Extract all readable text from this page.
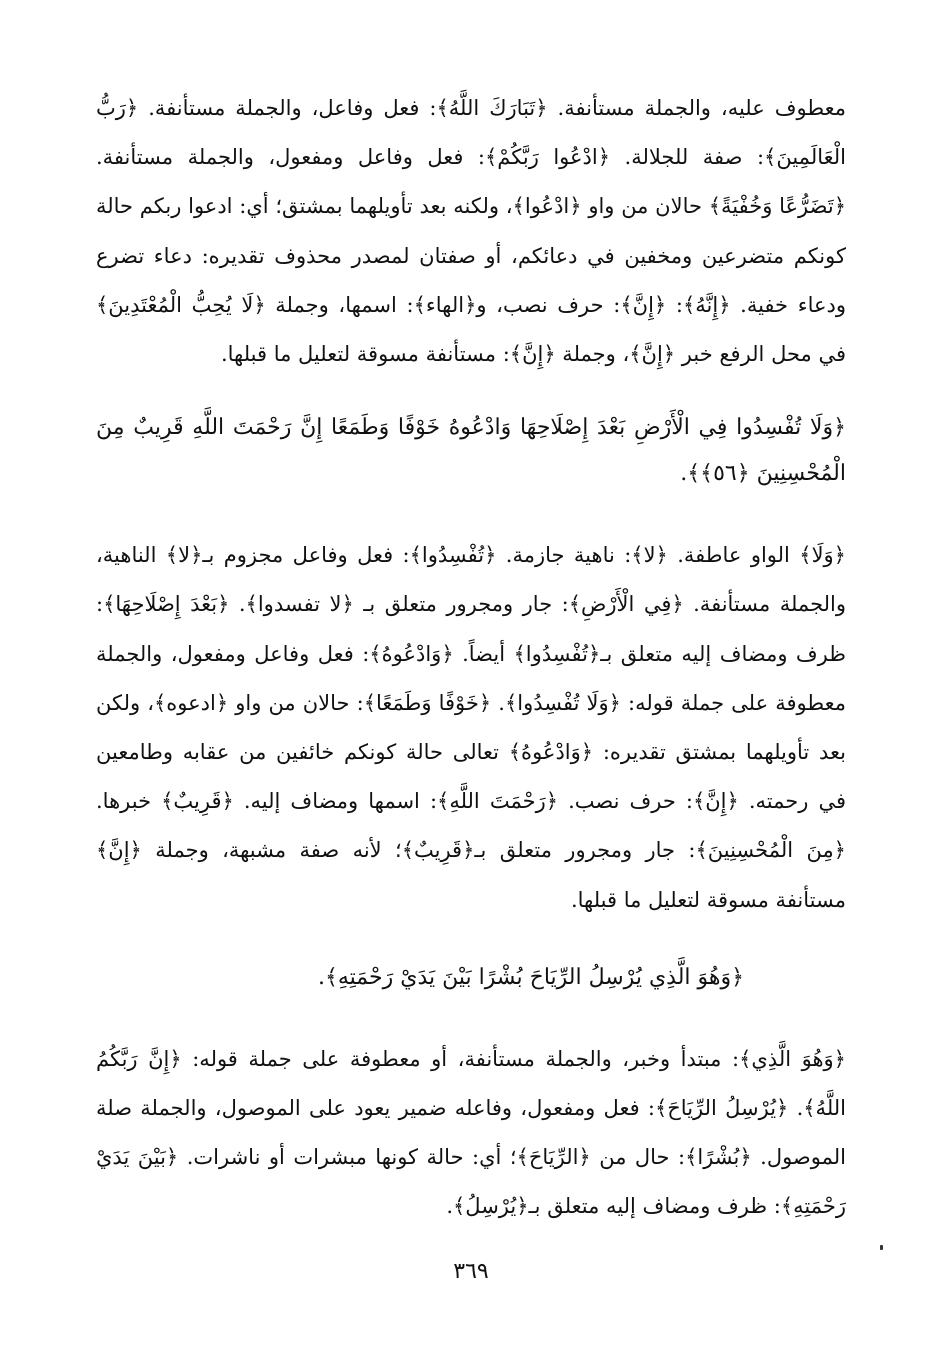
معطوف عليه، والجملة مستأنفة. ﴿تَبَارَكَ اللَّهُ﴾: فعل وفاعل، والجملة مستأنفة. ﴿رَبُّ الْعَالَمِينَ﴾: صفة للجلالة. ﴿ادْعُوا رَبَّكُمْ﴾: فعل وفاعل ومفعول، والجملة مستأنفة. ﴿تَضَرُّعًا وَخُفْيَةً﴾ حالان من واو ﴿ادْعُوا﴾، ولكنه بعد تأويلهما بمشتق؛ أي: ادعوا ربكم حالة كونكم متضرعين ومخفين في دعائكم، أو صفتان لمصدر محذوف تقديره: دعاء تضرع ودعاء خفية. ﴿إِنَّهُ﴾: ﴿إِنَّ﴾: حرف نصب، و﴿الهاء﴾: اسمها، وجملة ﴿لَا يُحِبُّ الْمُعْتَدِينَ﴾ في محل الرفع خبر ﴿إِنَّ﴾، وجملة ﴿إِنَّ﴾: مستأنفة مسوقة لتعليل ما قبلها.

﴿وَلَا تُفْسِدُوا فِي الْأَرْضِ بَعْدَ إِصْلَاحِهَا وَادْعُوهُ خَوْفًا وَطَمَعًا إِنَّ رَحْمَتَ اللَّهِ قَرِيبٌ مِنَ الْمُحْسِنِينَ ﴿٥٦﴾﴾.

﴿وَلَا﴾ الواو عاطفة. ﴿لا﴾: ناهية جازمة. ﴿تُفْسِدُوا﴾: فعل وفاعل مجزوم بـ﴿لا﴾ الناهية، والجملة مستأنفة. ﴿فِي الْأَرْضِ﴾: جار ومجرور متعلق بـ ﴿لا تفسدوا﴾. ﴿بَعْدَ إِصْلَاحِهَا﴾: ظرف ومضاف إليه متعلق بـ﴿تُفْسِدُوا﴾ أيضاً. ﴿وَادْعُوهُ﴾: فعل وفاعل ومفعول، والجملة معطوفة على جملة قوله: ﴿وَلَا تُفْسِدُوا﴾. ﴿خَوْفًا وَطَمَعًا﴾: حالان من واو ﴿ادعوه﴾، ولكن بعد تأويلهما بمشتق تقديره: ﴿وَادْعُوهُ﴾ تعالى حالة كونكم خائفين من عقابه وطامعين في رحمته. ﴿إِنَّ﴾: حرف نصب. ﴿رَحْمَتَ اللَّهِ﴾: اسمها ومضاف إليه. ﴿قَرِيبٌ﴾ خبرها. ﴿مِنَ الْمُحْسِنِينَ﴾: جار ومجرور متعلق بـ﴿قَرِيبٌ﴾؛ لأنه صفة مشبهة، وجملة ﴿إِنَّ﴾ مستأنفة مسوقة لتعليل ما قبلها.

﴿وَهُوَ الَّذِي يُرْسِلُ الرِّيَاحَ بُشْرًا بَيْنَ يَدَيْ رَحْمَتِهِ﴾.

﴿وَهُوَ الَّذِي﴾: مبتدأ وخبر، والجملة مستأنفة، أو معطوفة على جملة قوله: ﴿إِنَّ رَبَّكُمُ اللَّهُ﴾. ﴿يُرْسِلُ الرِّيَاحَ﴾: فعل ومفعول، وفاعله ضمير يعود على الموصول، والجملة صلة الموصول. ﴿بُشْرًا﴾: حال من ﴿الرِّيَاحَ﴾؛ أي: حالة كونها مبشرات أو ناشرات. ﴿بَيْنَ يَدَيْ رَحْمَتِهِ﴾: ظرف ومضاف إليه متعلق بـ﴿يُرْسِلُ﴾.

٣٦٩
